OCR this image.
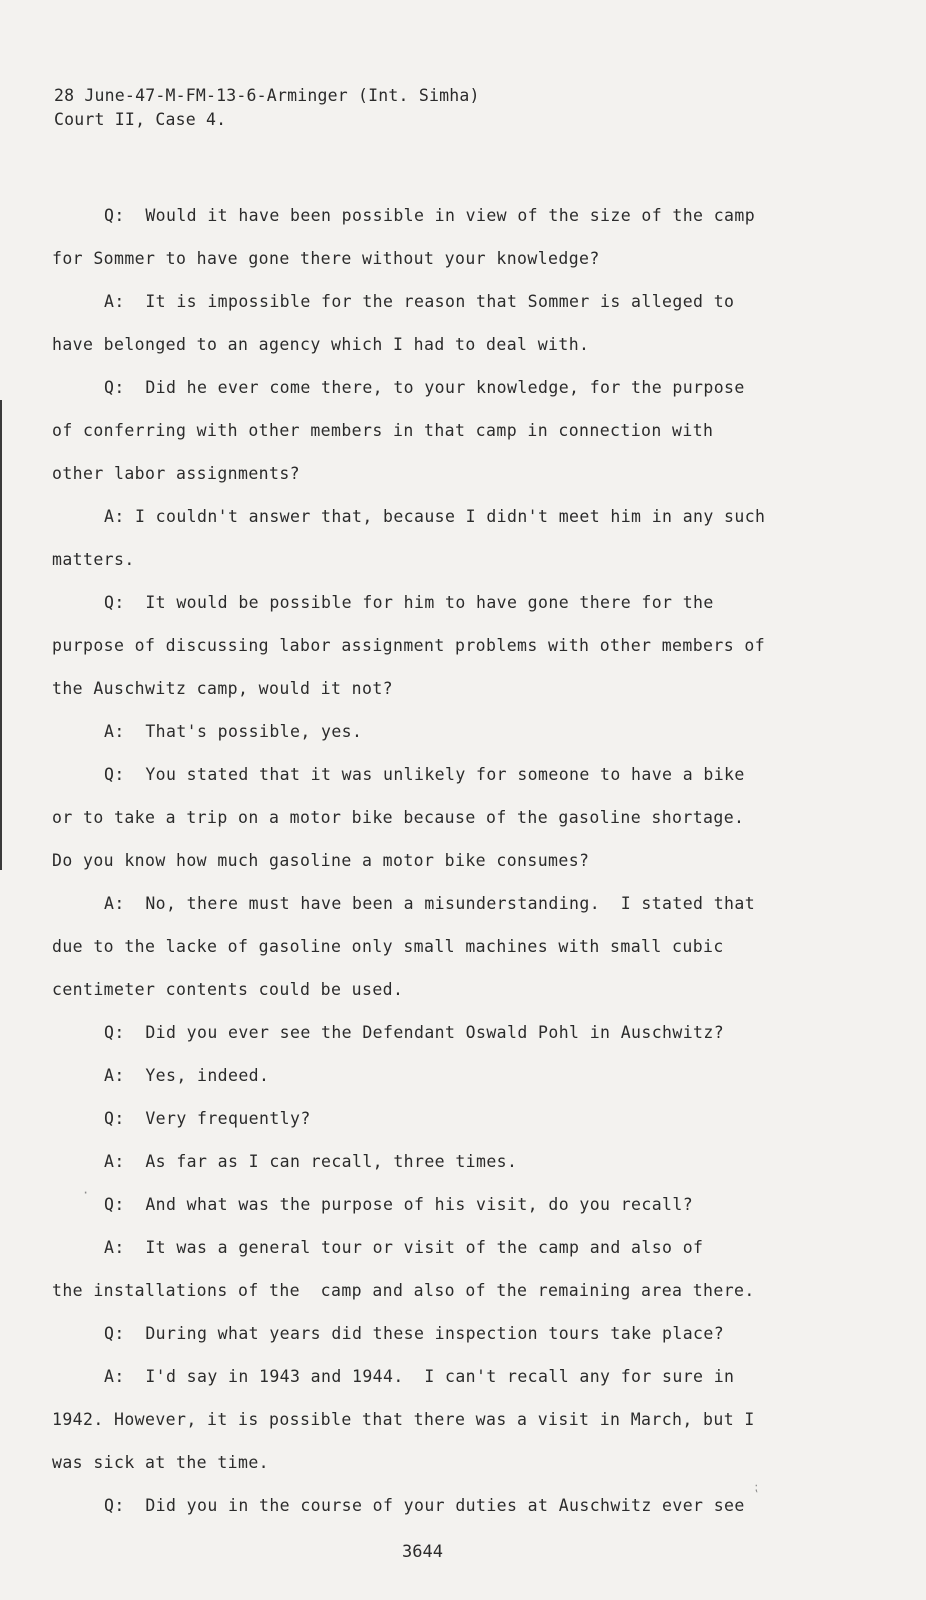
28 June-47-M-FM-13-6-Arminger (Int. Simha)
Court II, Case 4.
Q:  Would it have been possible in view of the size of the camp
for Sommer to have gone there without your knowledge?
A:  It is impossible for the reason that Sommer is alleged to
have belonged to an agency which I had to deal with.
Q:  Did he ever come there, to your knowledge, for the purpose
of conferring with other members in that camp in connection with
other labor assignments?
A: I couldn't answer that, because I didn't meet him in any such
matters.
Q:  It would be possible for him to have gone there for the
purpose of discussing labor assignment problems with other members of
the Auschwitz camp, would it not?
A:  That's possible, yes.
Q:  You stated that it was unlikely for someone to have a bike
or to take a trip on a motor bike because of the gasoline shortage.
Do you know how much gasoline a motor bike consumes?
A:  No, there must have been a misunderstanding.  I stated that
due to the lacke of gasoline only small machines with small cubic
centimeter contents could be used.
Q:  Did you ever see the Defendant Oswald Pohl in Auschwitz?
A:  Yes, indeed.
Q:  Very frequently?
A:  As far as I can recall, three times.
Q:  And what was the purpose of his visit, do you recall?
A:  It was a general tour or visit of the camp and also of
the installations of the  camp and also of the remaining area there.
Q:  During what years did these inspection tours take place?
A:  I'd say in 1943 and 1944.  I can't recall any for sure in
1942. However, it is possible that there was a visit in March, but I
was sick at the time.
Q:  Did you in the course of your duties at Auschwitz ever see
·
⁏
3644
